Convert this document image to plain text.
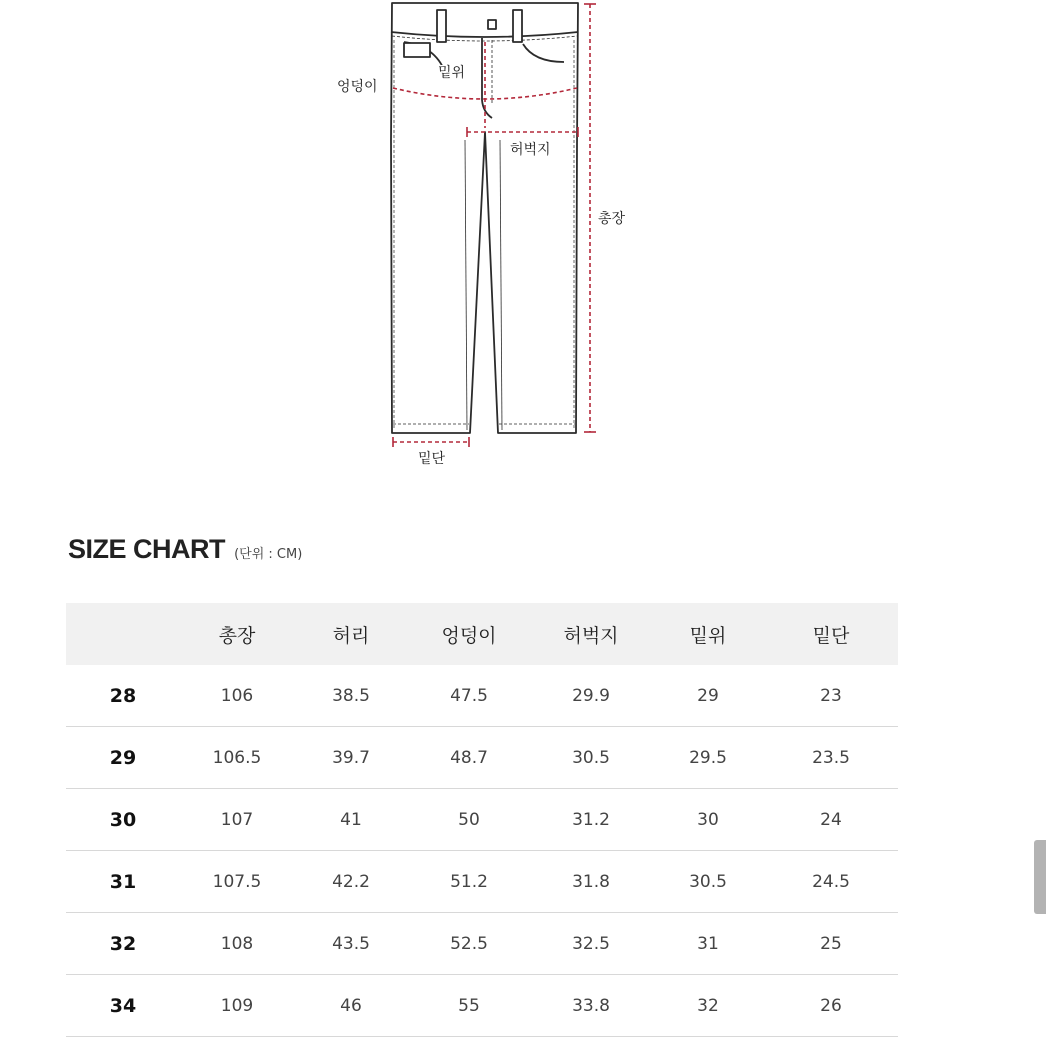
엉덩이
밑위
허벅지
총장
밑단
SIZE CHART (단위 : CM)
	총장	허리	엉덩이	허벅지	밑위	밑단
28	106	38.5	47.5	29.9	29	23
29	106.5	39.7	48.7	30.5	29.5	23.5
30	107	41	50	31.2	30	24
31	107.5	42.2	51.2	31.8	30.5	24.5
32	108	43.5	52.5	32.5	31	25
34	109	46	55	33.8	32	26
